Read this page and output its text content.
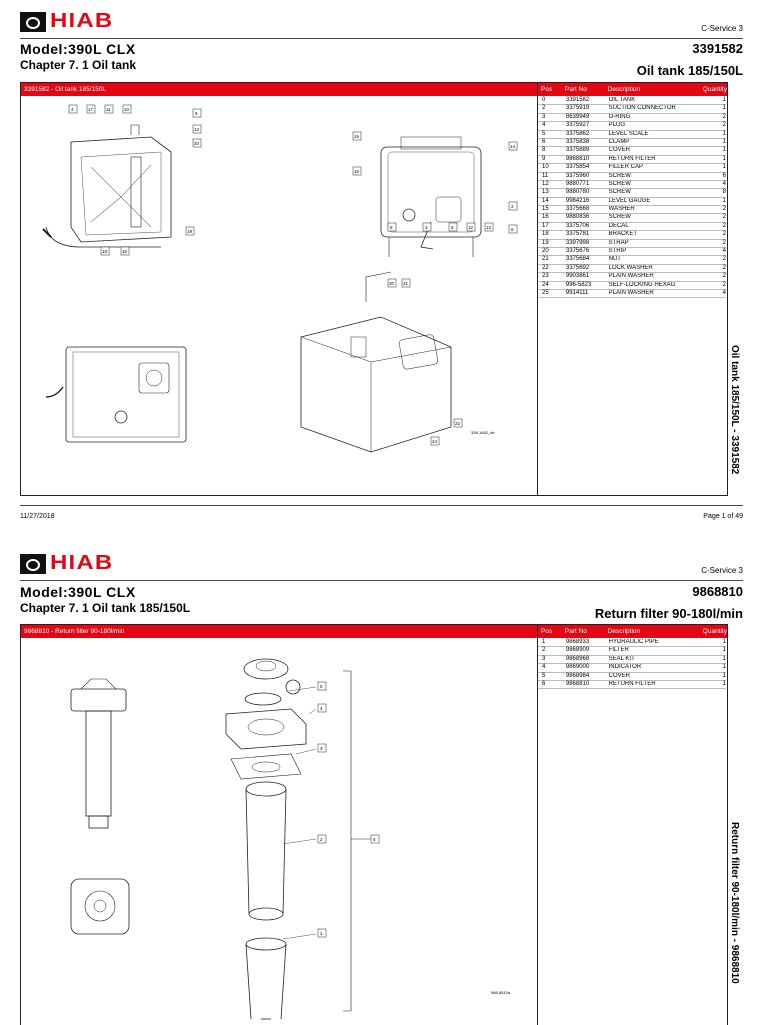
HIAB	C-Service 3
Model:390L CLX
Chapter 7. 1 Oil tank
3391582
Oil tank 185/150L
3391582 - Oil tank 185/150L	Pos	Part No	Description	Quantity
4	17	11	10
9
13
20
19
18	16
16
18
14
2
6
8	3	5	12	13
20 21
22
24
338-1682_de
0	3391582	OIL TANK	1
2	3375919	SUCTION CONNECTOR	1
3	8639949	O-RING	2
4	3375927	PLUG	2
5	3375862	LEVEL SCALE	1
6	3375838	CLAMP	1
8	3375889	COVER	1
9	9868810	RETURN FILTER	1
10	3375854	FILLER CAP	1
11	3375960	SCREW	6
12	9880771	SCREW	4
13	9880780	SCREW	8
14	9984216	LEVEL GAUGE	1
15	3375668	WASHER	2
16	9880836	SCREW	2
17	3375706	DECAL	2
18	3375781	BRACKET	2
19	3397998	STRAP	2
20	3375676	STRIP	4
21	3375684	NUT	2
22	3375692	LOCK WASHER	2
23	9903861	PLAIN WASHER	2
24	996-5823	SELF-LOCKING HEXAG	2
25	9914111	PLAIN WASHER	4
Oil tank 185/150L - 3391582
11/27/2018	Page 1 of 49
HIAB	C-Service 3
Model:390L CLX
Chapter 7. 1 Oil tank 185/150L
9868810
Return filter 90-180l/min
9868810 - Return filter 90-180l/min	Pos	Part No	Description	Quantity
5
4
3
2
1
6
986-8810a
1	9868933	HYDRAULIC PIPE	1
2	9868909	FILTER	1
3	9868968	SEAL KIT	1
4	9869000	INDICATOR	1
5	9868984	COVER	1
6	9868810	RETURN FILTER	1
Return filter 90-180l/min - 9868810
